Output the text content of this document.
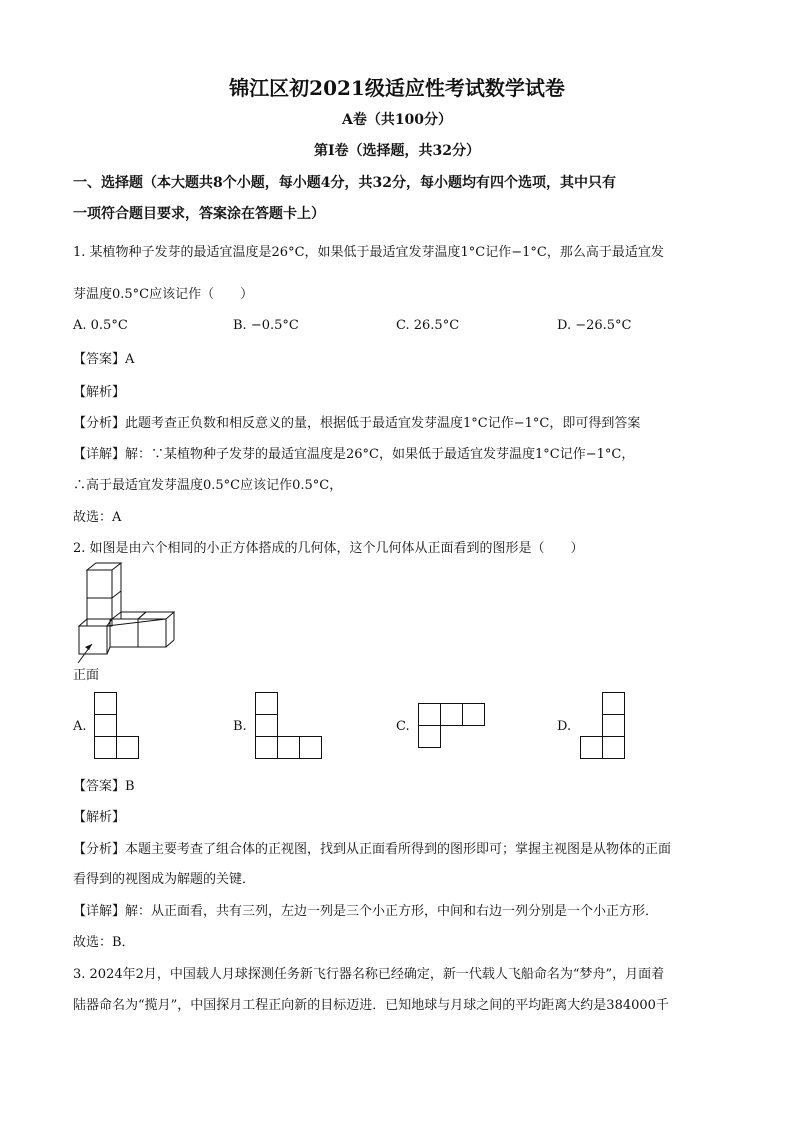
锦江区初2021级适应性考试数学试卷
A卷（共100分）
第Ⅰ卷（选择题，共32分）
一、选择题（本大题共8个小题，每小题4分，共32分，每小题均有四个选项，其中只有
一项符合题目要求，答案涂在答题卡上）
1. 某植物种子发芽的最适宜温度是26°C，如果低于最适宜发芽温度1°C记作−1°C，那么高于最适宜发
芽温度0.5°C应该记作（　　）
A. 0.5°C	B. −0.5°C	C. 26.5°C	D. −26.5°C
【答案】A
【解析】
【分析】此题考查正负数和相反意义的量，根据低于最适宜发芽温度1°C记作−1°C，即可得到答案
【详解】解：∵某植物种子发芽的最适宜温度是26°C，如果低于最适宜发芽温度1°C记作−1°C，
∴高于最适宜发芽温度0.5°C应该记作0.5°C，
故选：A
2. 如图是由六个相同的小正方体搭成的几何体，这个几何体从正面看到的图形是（　　）
正面
A.	B.	C.	D.
【答案】B
【解析】
【分析】本题主要考查了组合体的正视图，找到从正面看所得到的图形即可；掌握主视图是从物体的正面
看得到的视图成为解题的关键．
【详解】解：从正面看，共有三列，左边一列是三个小正方形，中间和右边一列分别是一个小正方形．
故选：B．
3. 2024年2月，中国载人月球探测任务新飞行器名称已经确定，新一代载人飞船命名为“梦舟”，月面着
陆器命名为“揽月”，中国探月工程正向新的目标迈进．已知地球与月球之间的平均距离大约是384000千
